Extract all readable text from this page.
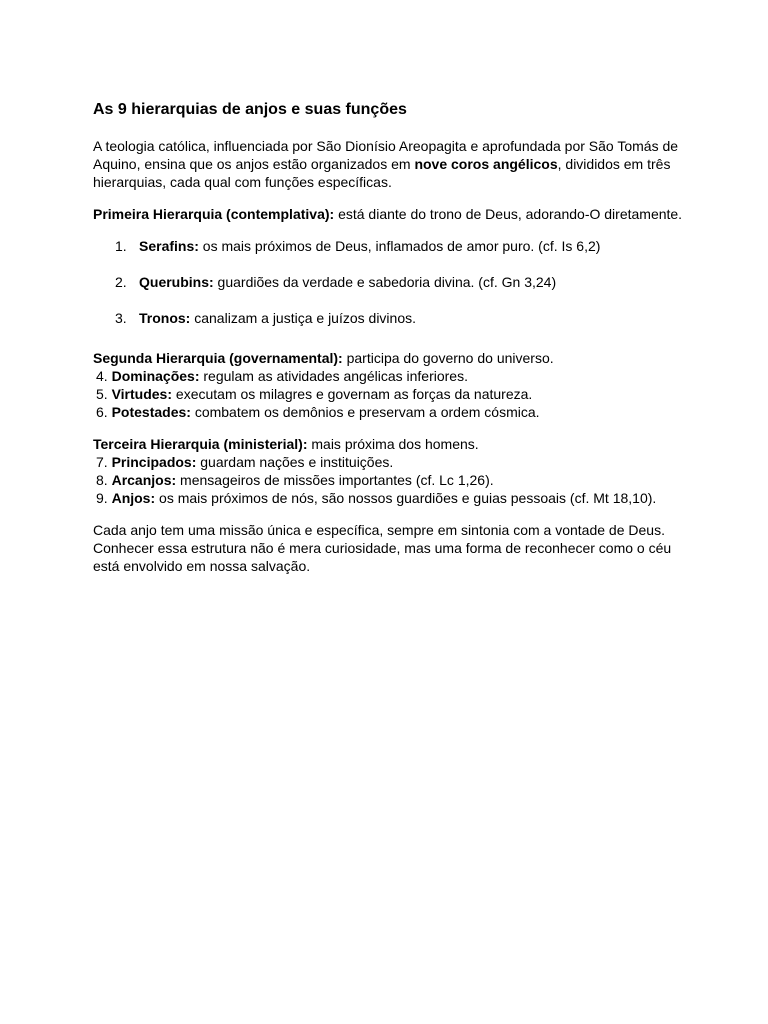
As 9 hierarquias de anjos e suas funções

A teologia católica, influenciada por São Dionísio Areopagita e aprofundada por São Tomás de Aquino, ensina que os anjos estão organizados em nove coros angélicos, divididos em três hierarquias, cada qual com funções específicas.

Primeira Hierarquia (contemplativa): está diante do trono de Deus, adorando-O diretamente.

1. Serafins: os mais próximos de Deus, inflamados de amor puro. (cf. Is 6,2)
2. Querubins: guardiões da verdade e sabedoria divina. (cf. Gn 3,24)
3. Tronos: canalizam a justiça e juízos divinos.
Segunda Hierarquia (governamental): participa do governo do universo.
4. Dominações: regulam as atividades angélicas inferiores.
5. Virtudes: executam os milagres e governam as forças da natureza.
6. Potestades: combatem os demônios e preservam a ordem cósmica.
Terceira Hierarquia (ministerial): mais próxima dos homens.
7. Principados: guardam nações e instituições.
8. Arcanjos: mensageiros de missões importantes (cf. Lc 1,26).
9. Anjos: os mais próximos de nós, são nossos guardiões e guias pessoais (cf. Mt 18,10).

Cada anjo tem uma missão única e específica, sempre em sintonia com a vontade de Deus. Conhecer essa estrutura não é mera curiosidade, mas uma forma de reconhecer como o céu está envolvido em nossa salvação.
